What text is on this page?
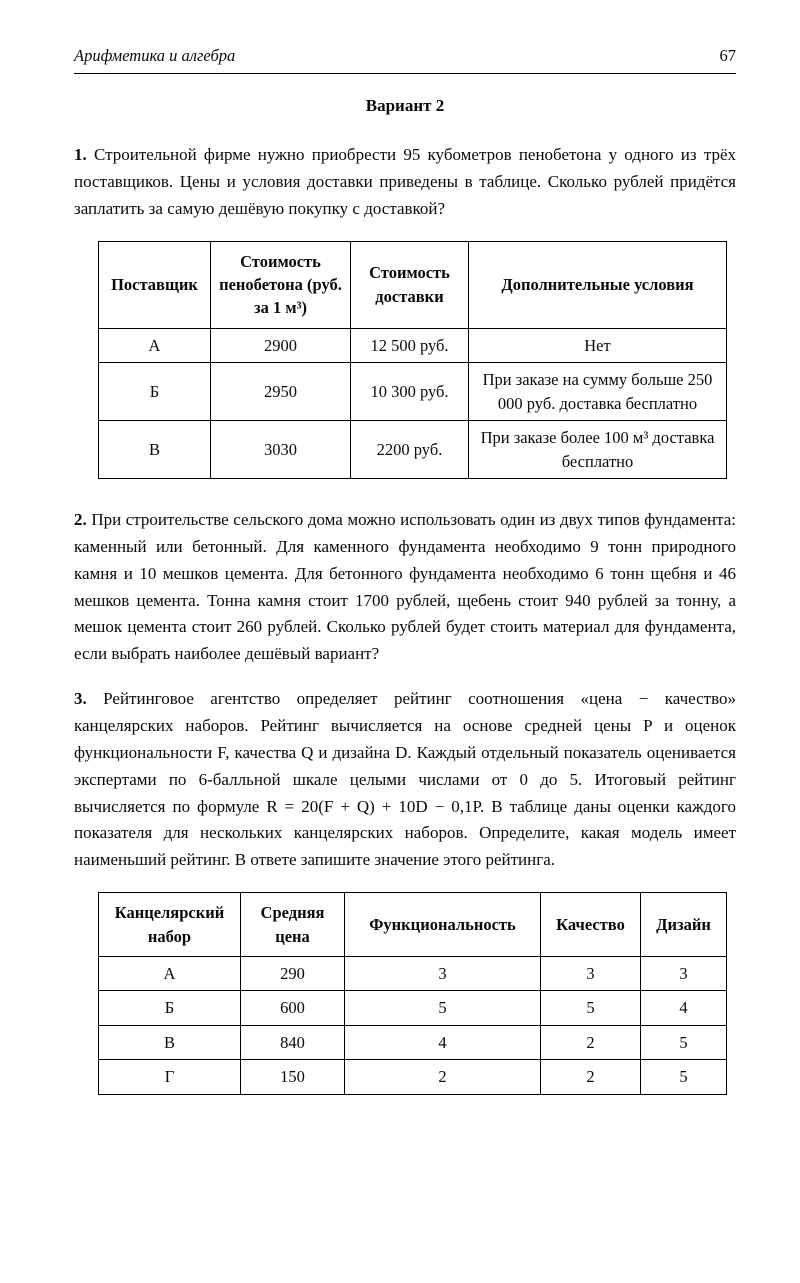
Арифметика и алгебра	67
Вариант 2

1. Строительной фирме нужно приобрести 95 кубометров пенобетона у одного из трёх поставщиков. Цены и условия доставки приведены в таблице. Сколько рублей придётся заплатить за самую дешёвую покупку с доставкой?

Поставщик	Стоимость пенобетона (руб. за 1 м³)	Стоимость доставки	Дополнительные условия
А	2900	12 500 руб.	Нет
Б	2950	10 300 руб.	При заказе на сумму больше 250 000 руб. доставка бесплатно
В	3030	2200 руб.	При заказе более 100 м³ доставка бесплатно

2. При строительстве сельского дома можно использовать один из двух типов фундамента: каменный или бетонный. Для каменного фундамента необходимо 9 тонн природного камня и 10 мешков цемента. Для бетонного фундамента необходимо 6 тонн щебня и 46 мешков цемента. Тонна камня стоит 1700 рублей, щебень стоит 940 рублей за тонну, а мешок цемента стоит 260 рублей. Сколько рублей будет стоить материал для фундамента, если выбрать наиболее дешёвый вариант?

3. Рейтинговое агентство определяет рейтинг соотношения «цена − качество» канцелярских наборов. Рейтинг вычисляется на основе средней цены P и оценок функциональности F, качества Q и дизайна D. Каждый отдельный показатель оценивается экспертами по 6-балльной шкале целыми числами от 0 до 5. Итоговый рейтинг вычисляется по формуле R = 20(F + Q) + 10D − 0,1P. В таблице даны оценки каждого показателя для нескольких канцелярских наборов. Определите, какая модель имеет наименьший рейтинг. В ответе запишите значение этого рейтинга.

Канцелярский набор	Средняя цена	Функциональность	Качество	Дизайн
А	290	3	3	3
Б	600	5	5	4
В	840	4	2	5
Г	150	2	2	5
